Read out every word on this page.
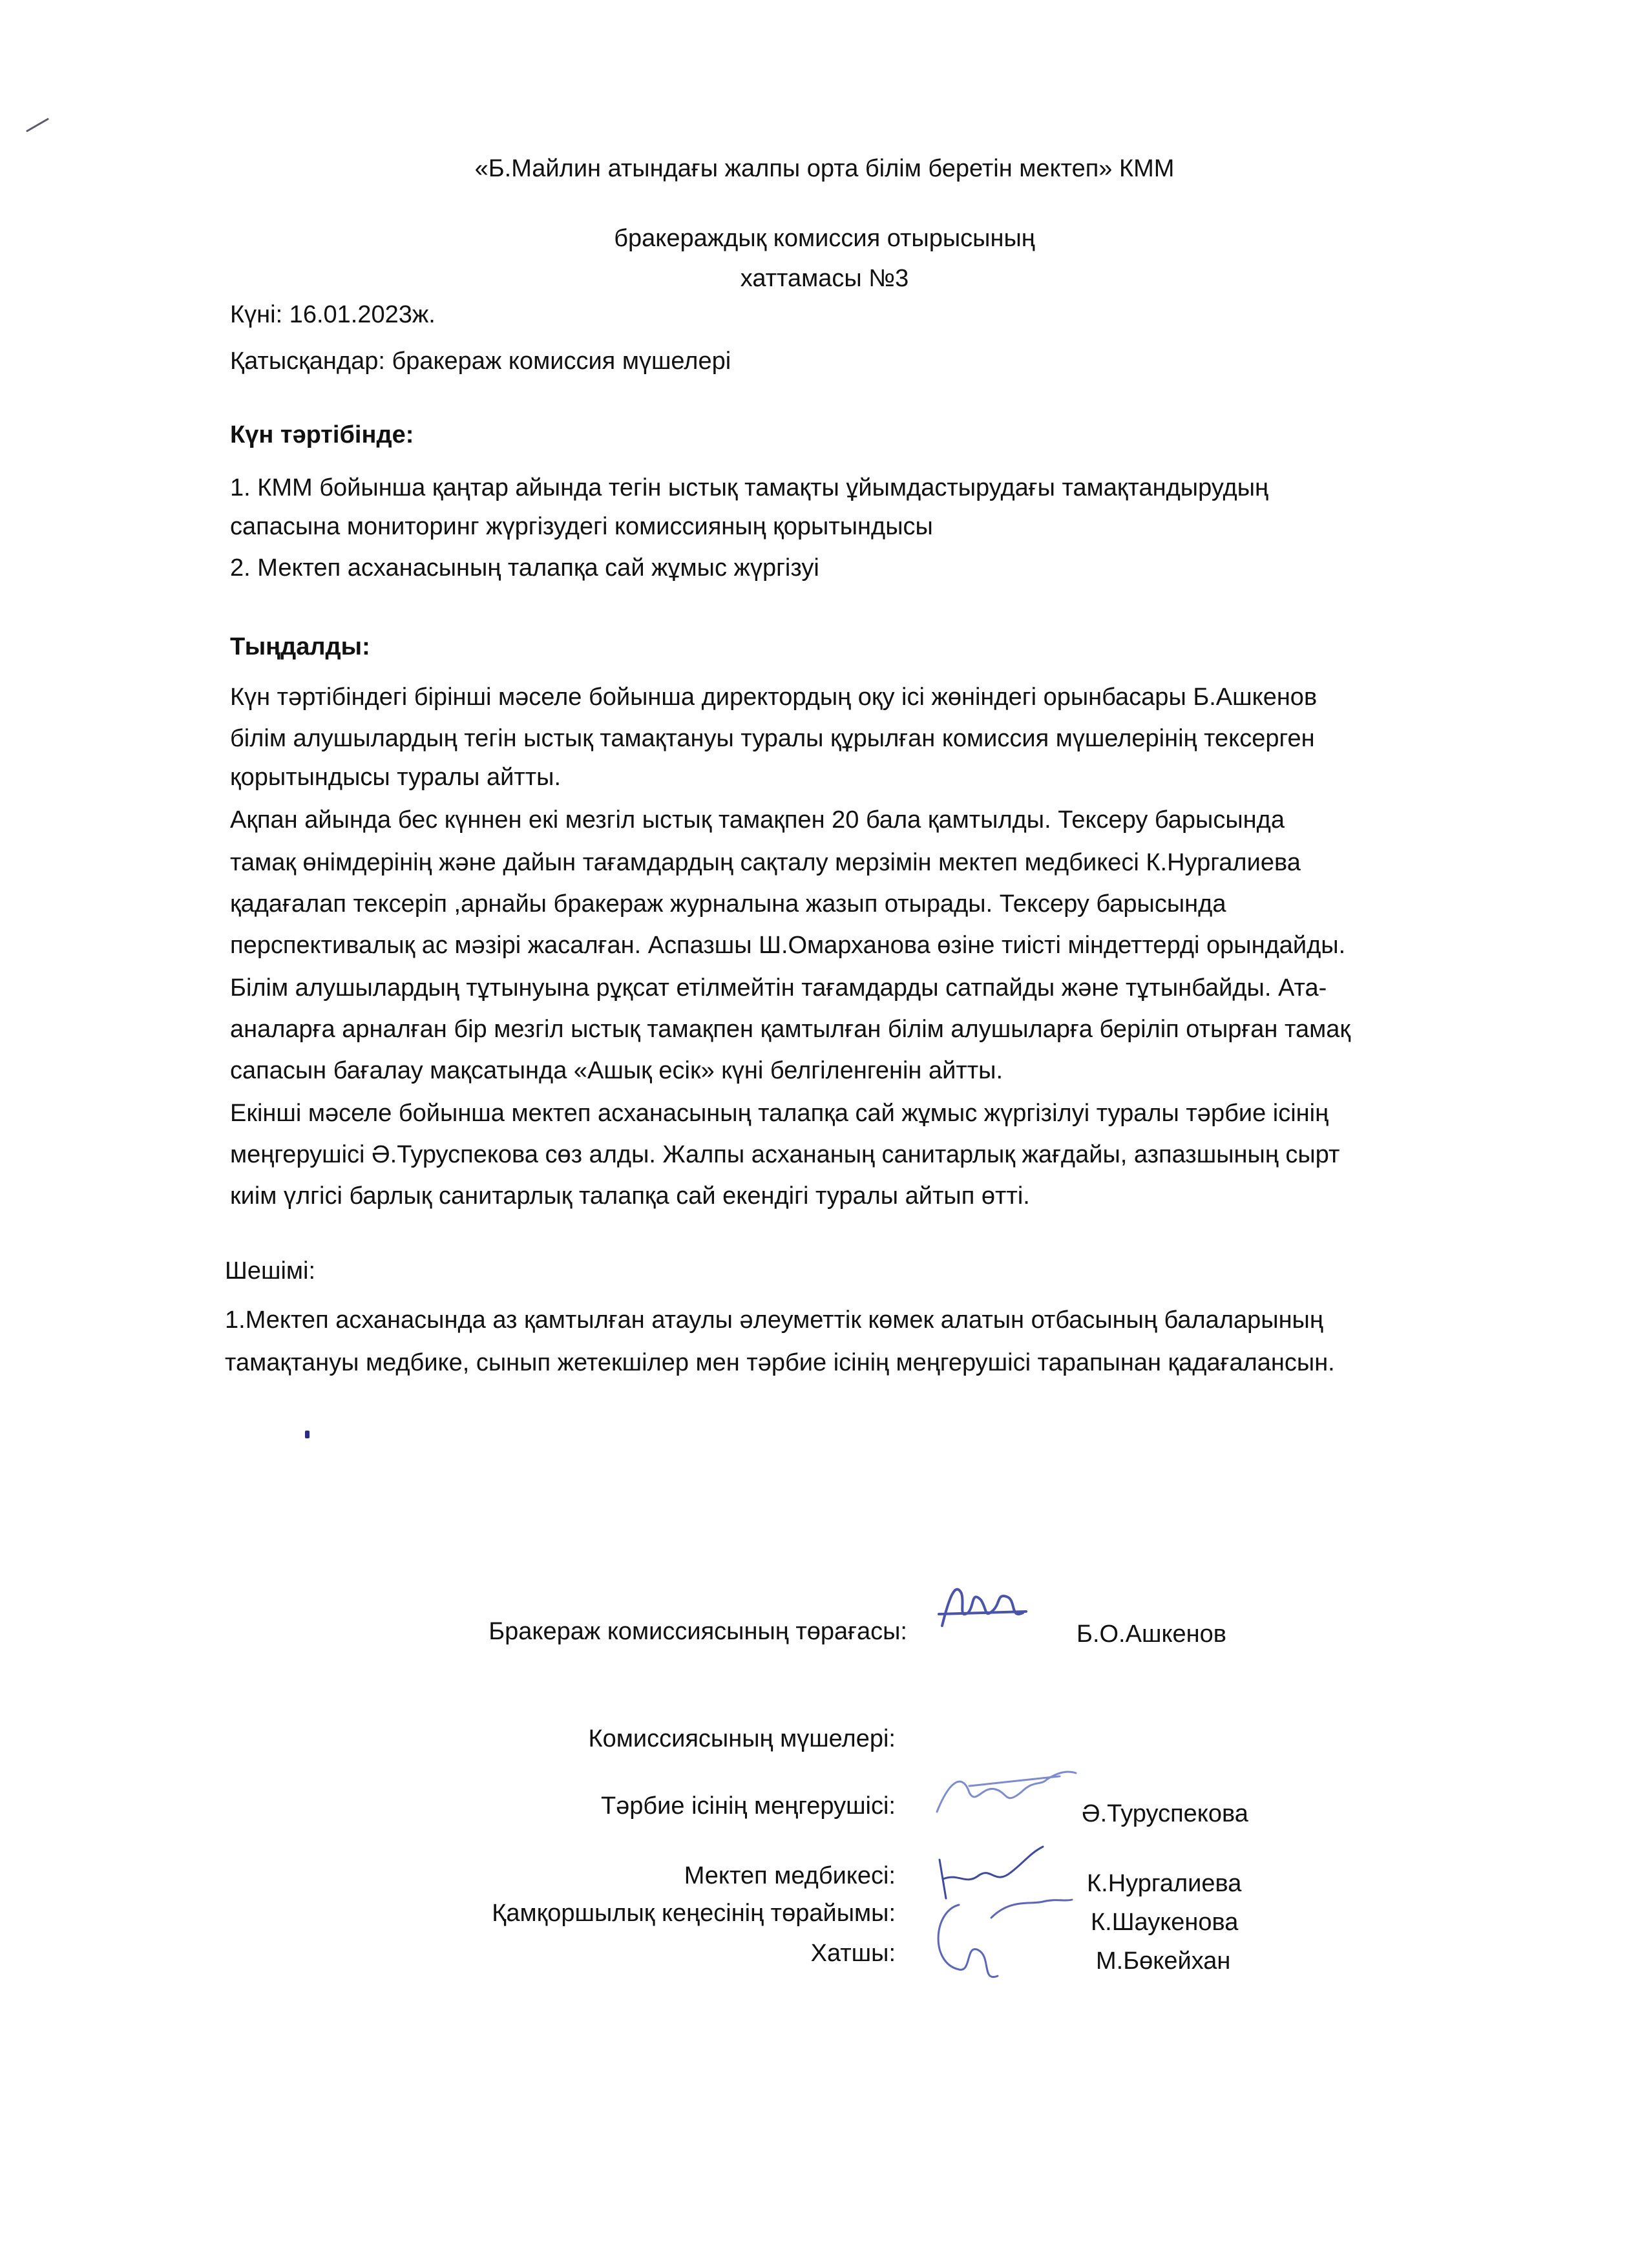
«Б.Майлин атындағы жалпы орта білім беретін мектеп» КММ

бракераждық комиссия отырысының

хаттамасы №3

Күні: 16.01.2023ж.

Қатысқандар: бракераж комиссия мүшелері

Күн тәртібінде:

1. КММ бойынша қаңтар айында тегін ыстық тамақты ұйымдастырудағы тамақтандырудың

сапасына мониторинг жүргізудегі комиссияның қорытындысы

2. Мектеп асханасының талапқа сай жұмыс жүргізуі

Тыңдалды:

Күн тәртібіндегі бірінші мәселе бойынша директордың оқу ісі жөніндегі орынбасары Б.Ашкенов

білім алушылардың тегін ыстық тамақтануы туралы құрылған комиссия мүшелерінің тексерген

қорытындысы туралы айтты.

Ақпан айында бес күннен екі мезгіл ыстық тамақпен 20 бала қамтылды. Тексеру барысында

тамақ өнімдерінің және дайын тағамдардың сақталу мерзімін мектеп медбикесі К.Нургалиева

қадағалап тексеріп ,арнайы бракераж журналына жазып отырады. Тексеру барысында

перспективалық ас мәзірі жасалған. Аспазшы Ш.Омарханова өзіне тиісті міндеттерді орындайды.

Білім алушылардың тұтынуына рұқсат етілмейтін тағамдарды сатпайды және тұтынбайды. Ата-

аналарға арналған бір мезгіл ыстық тамақпен қамтылған білім алушыларға беріліп отырған тамақ

сапасын бағалау мақсатында «Ашық есік» күні белгіленгенін айтты.

Екінші мәселе бойынша мектеп асханасының талапқа сай жұмыс жүргізілуі туралы тәрбие ісінің

меңгерушісі Ә.Туруспекова сөз алды. Жалпы асхананың санитарлық жағдайы, азпазшының сырт

киім үлгісі барлық санитарлық талапқа сай екендігі туралы айтып өтті.

Шешімі:

1.Мектеп асханасында аз қамтылған атаулы әлеуметтік көмек алатын отбасының балаларының

тамақтануы медбике, сынып жетекшілер мен тәрбие ісінің меңгерушісі тарапынан қадағалансын.

Бракераж комиссиясының төрағасы:	Б.О.Ашкенов
Комиссиясының мүшелері:
Тәрбие ісінің меңгерушісі:	Ә.Туруспекова
Мектеп медбикесі:	К.Нургалиева
Қамқоршылық кеңесінің төрайымы:	К.Шаукенова
Хатшы:	М.Бөкейхан
